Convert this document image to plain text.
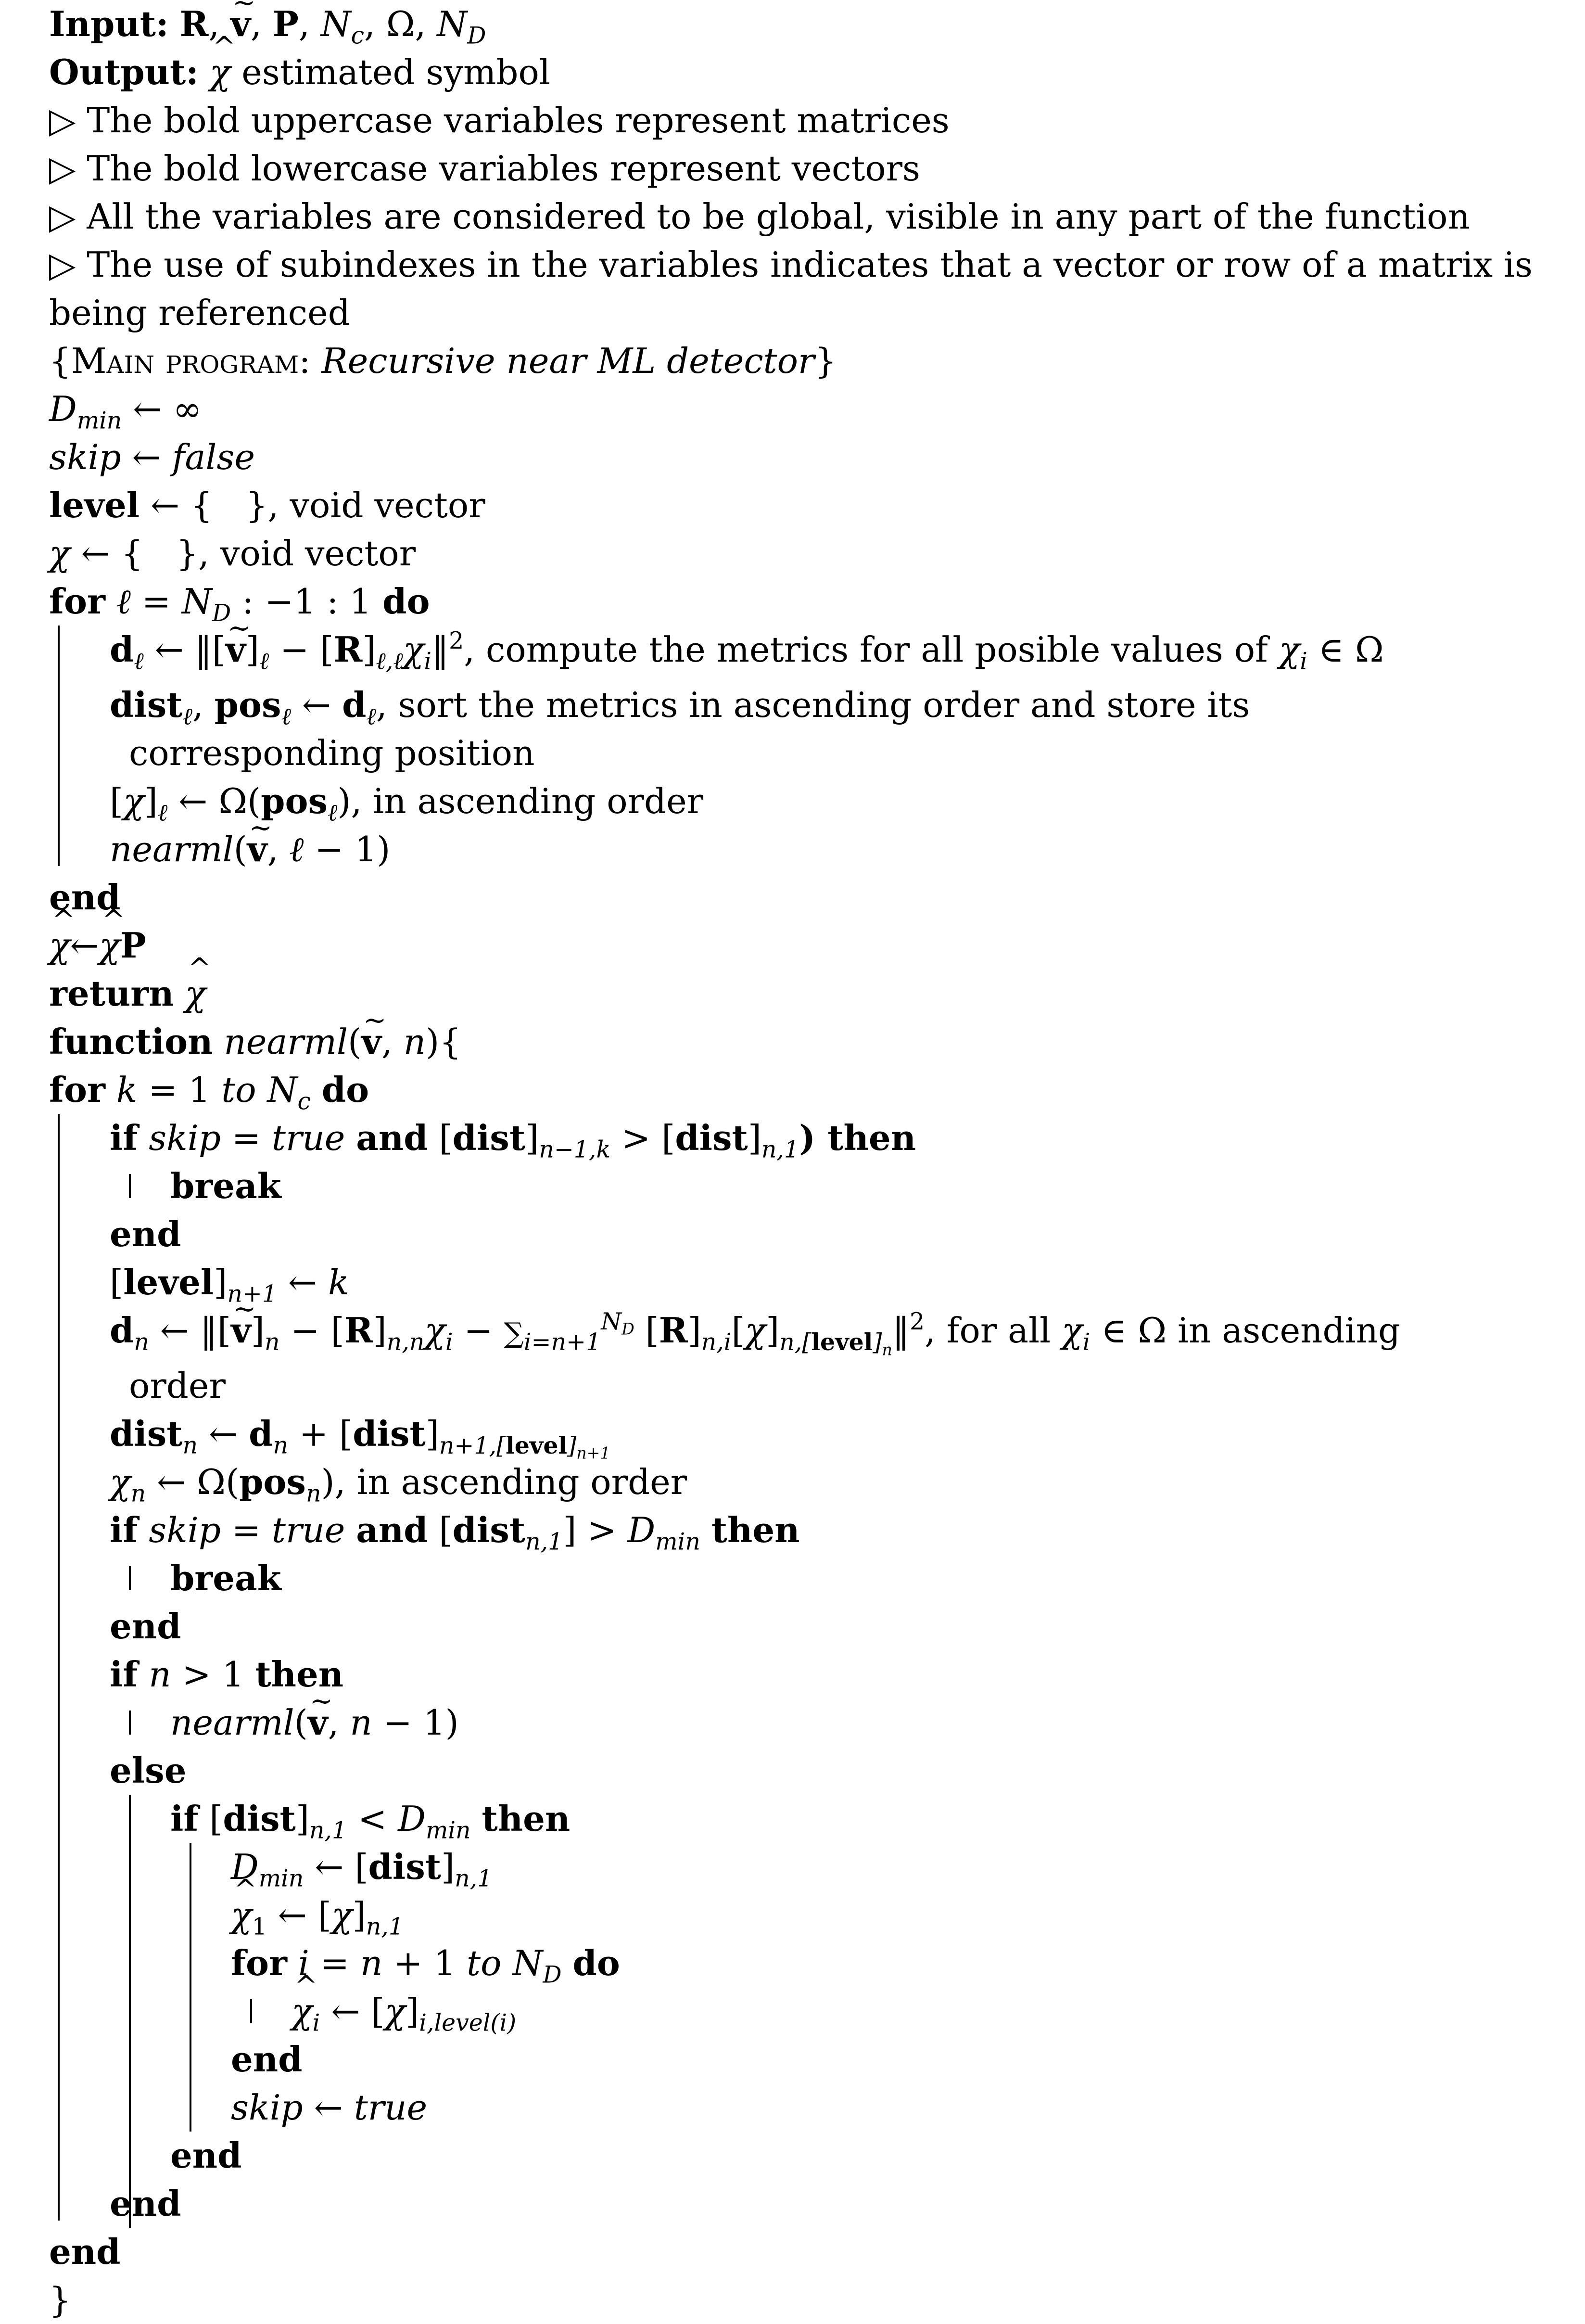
Input: R, ~ v, P, $N_c$, Ω, $N_D$
Output: ^ χ estimated symbol
▷ The bold uppercase variables represent matrices
▷ The bold lowercase variables represent vectors
▷ All the variables are considered to be global, visible in any part of the function
▷ The use of subindexes in the variables indicates that a vector or row of a matrix is being referenced
{Main program: Recursive near ML detector}
$D_{min}$ ← ∞
skip ← false
level ← {   }, void vector
χ ← {   }, void vector
for ℓ = $N_D$ : −1 : 1 do
$d_\ell$ ← ‖[~ $v]_\ell$ − $[R]_{\ell,\ell}\chi_i‖^2$, compute the metrics for all posible values of $\chi_i$ ∈ Ω
dist$_\ell$, pos$_\ell$ ← $d_\ell$, sort the metrics in ascending order and store its
corresponding position
$[\chi]_\ell$ ← Ω(pos$_\ell$), in ascending order
nearml(~ v, ℓ − 1)
end
^ χ←^ χP
return ^ χ
function nearml(~ v, n){
for k = 1 to $N_c$ do
if skip = true and $[dist]_{n-1,k}$ > $[dist]_{n,1}$) then
break
end
$[level]_{n+1}$ ← k
$d_n$ ← ‖[~ $v]_n - [R]_{n,n}\chi_i - \sum_{i=n+1}^{N_D}$ $[R]_{n,i}[\chi]_{n,[level]_n}‖^2$, for all $\chi_i$ ∈ Ω in ascending
order
dist$_n$ ← $d_n$ + $[dist]_{n+1,[level]_{n+1}}$
$\chi_n$ ← Ω(pos$_n$), in ascending order
if skip = true and [dist$_{n,1}$] > $D_{min}$ then
break
end
if n > 1 then
nearml(~ v, n − 1)
else
if $[dist]_{n,1} < D_{min}$ then
$D_{min}$ ← $[dist]_{n,1}$
^ $\chi_1$ ← $[\chi]_{n,1}$
for i = n + 1 to $N_D$ do
^ $\chi_i$ ← $[\chi]_{i,level(i)}$
end
skip ← true
end
end
end
}
